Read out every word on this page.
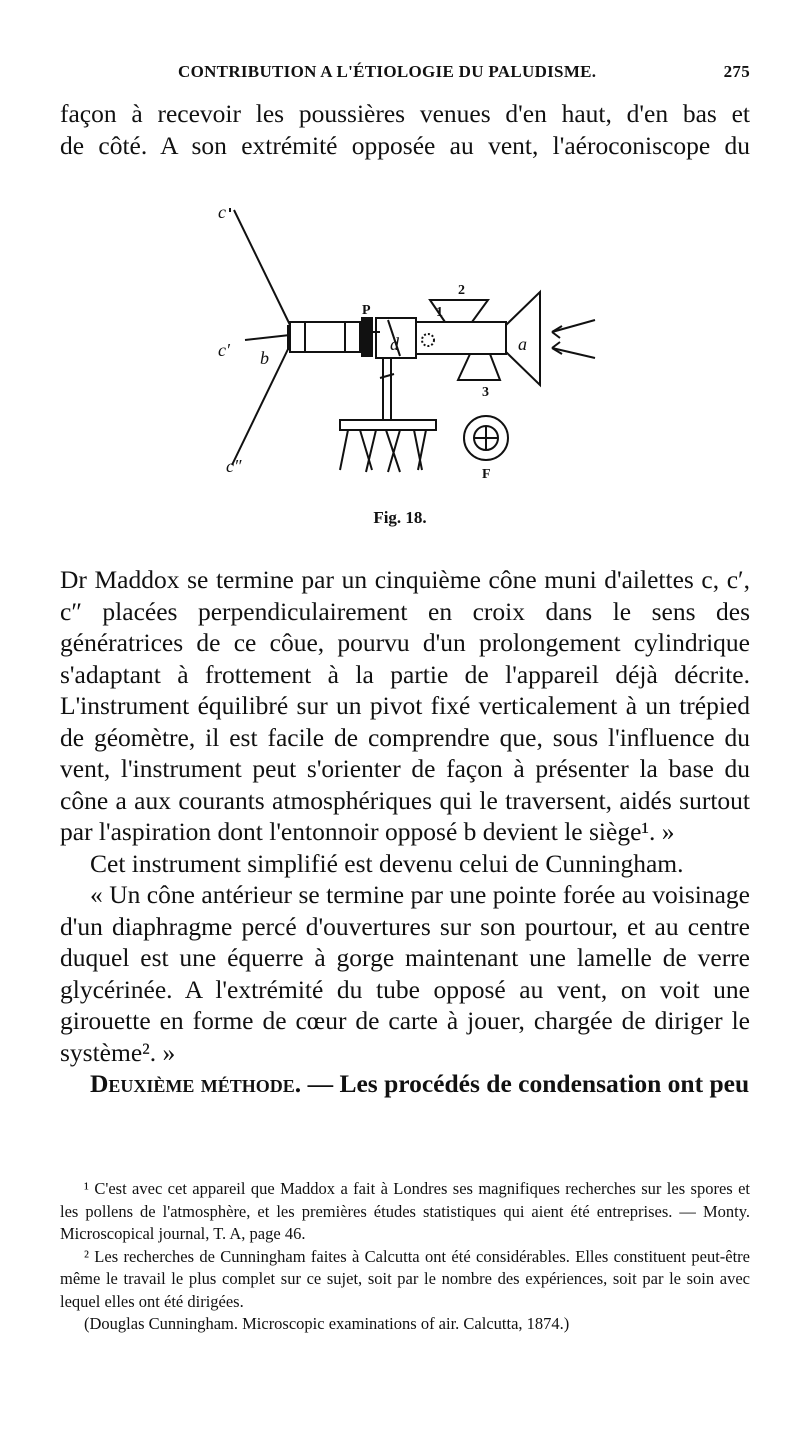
CONTRIBUTION A L'ÉTIOLOGIE DU PALUDISME.	275

façon à recevoir les poussières venues d'en haut, d'en bas et

de côté. A son extrémité opposée au vent, l'aéroconiscope du

c
c′ b
c″
d	a
P	1
2
3
F
Fig. 18.

Dr Maddox se termine par un cinquième cône muni d'ailettes c, c′, c″ placées perpendiculairement en croix dans le sens des génératrices de ce côue, pourvu d'un prolongement cylindrique s'adaptant à frottement à la partie de l'appareil déjà décrite. L'instrument équilibré sur un pivot fixé verticalement à un trépied de géomètre, il est facile de comprendre que, sous l'influence du vent, l'instrument peut s'orienter de façon à présenter la base du cône a aux courants atmosphériques qui le traversent, aidés surtout par l'aspiration dont l'entonnoir opposé b devient le siège¹. »

Cet instrument simplifié est devenu celui de Cunningham.

« Un cône antérieur se termine par une pointe forée au voisinage d'un diaphragme percé d'ouvertures sur son pourtour, et au centre duquel est une équerre à gorge maintenant une lamelle de verre glycérinée. A l'extrémité du tube opposé au vent, on voit une girouette en forme de cœur de carte à jouer, chargée de diriger le système². »

Deuxième méthode. — Les procédés de condensation ont peu

¹ C'est avec cet appareil que Maddox a fait à Londres ses magnifiques recherches sur les spores et les pollens de l'atmosphère, et les premières études statistiques qui aient été entreprises. — Monty. Microscopical journal, T. A, page 46.

² Les recherches de Cunningham faites à Calcutta ont été considérables. Elles constituent peut-être même le travail le plus complet sur ce sujet, soit par le nombre des expériences, soit par le soin avec lequel elles ont été dirigées.

(Douglas Cunningham. Microscopic examinations of air. Calcutta, 1874.)
